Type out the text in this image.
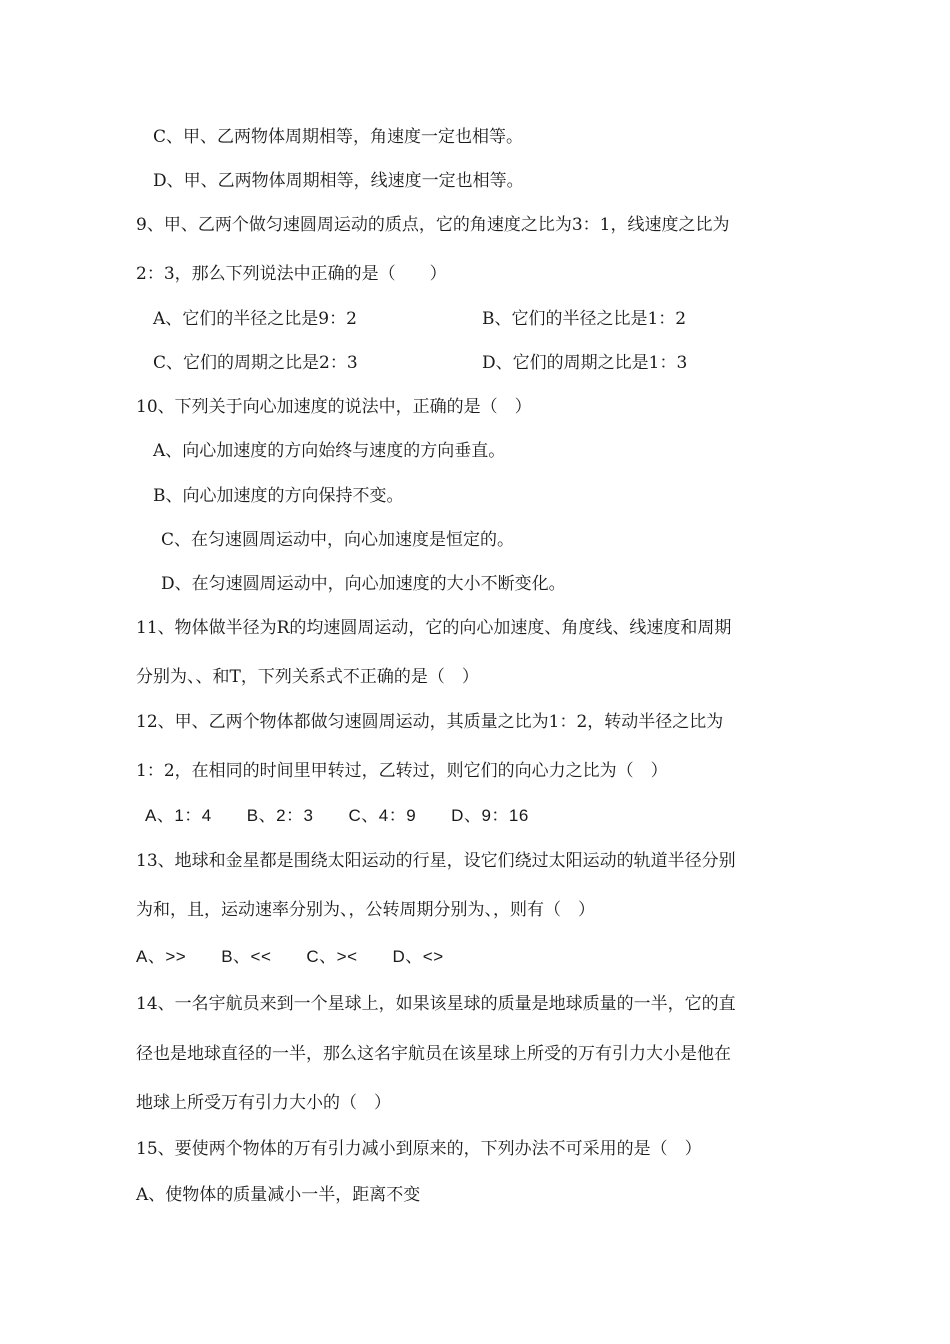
C、甲、乙两物体周期相等，角速度一定也相等。
D、甲、乙两物体周期相等，线速度一定也相等。
9、甲、乙两个做匀速圆周运动的质点，它的角速度之比为3：1，线速度之比为
2：3，那么下列说法中正确的是（　　）
A、它们的半径之比是9：2	B、它们的半径之比是1：2
C、它们的周期之比是2：3	D、它们的周期之比是1：3
10、下列关于向心加速度的说法中，正确的是（　）
A、向心加速度的方向始终与速度的方向垂直。
B、向心加速度的方向保持不变。
C、在匀速圆周运动中，向心加速度是恒定的。
D、在匀速圆周运动中，向心加速度的大小不断变化。
11、物体做半径为R的均速圆周运动，它的向心加速度、角度线、线速度和周期
分别为、、和T，下列关系式不正确的是（　）
12、甲、乙两个物体都做匀速圆周运动，其质量之比为1：2，转动半径之比为
1：2，在相同的时间里甲转过，乙转过，则它们的向心力之比为（　）
A、1：4　　B、2：3　　C、4：9　　D、9：16
13、地球和金星都是围绕太阳运动的行星，设它们绕过太阳运动的轨道半径分别
为和，且，运动速率分别为、，公转周期分别为、，则有（　）
A、>>　　B、<<　　C、><　　D、<>
14、一名宇航员来到一个星球上，如果该星球的质量是地球质量的一半，它的直
径也是地球直径的一半，那么这名宇航员在该星球上所受的万有引力大小是他在
地球上所受万有引力大小的（　）
15、要使两个物体的万有引力减小到原来的，下列办法不可采用的是（　）
A、使物体的质量减小一半，距离不变
